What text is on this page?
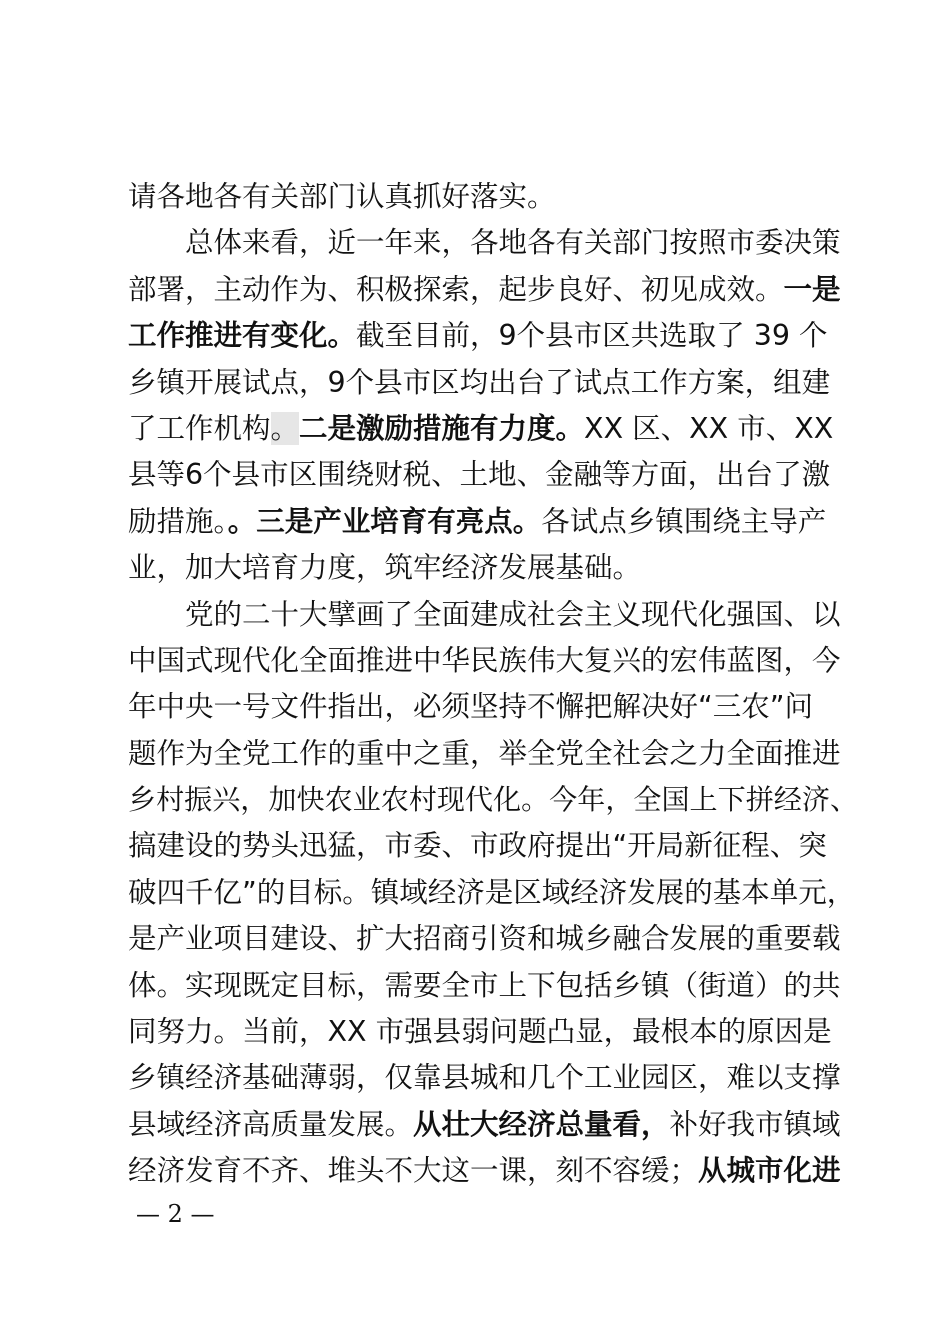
请各地各有关部门认真抓好落实。
总体来看，近一年来，各地各有关部门按照市委决策
部署，主动作为、积极探索，起步良好、初见成效。一是
工作推进有变化。截至目前，9个县市区共选取了 39 个
乡镇开展试点，9个县市区均出台了试点工作方案，组建
了工作机构。二是激励措施有力度。XX 区、XX 市、XX
县等6个县市区围绕财税、土地、金融等方面，出台了激
励措施。。三是产业培育有亮点。各试点乡镇围绕主导产
业，加大培育力度，筑牢经济发展基础。
党的二十大擘画了全面建成社会主义现代化强国、以
中国式现代化全面推进中华民族伟大复兴的宏伟蓝图，今
年中央一号文件指出，必须坚持不懈把解决好“三农”问
题作为全党工作的重中之重，举全党全社会之力全面推进
乡村振兴，加快农业农村现代化。今年，全国上下拼经济、
搞建设的势头迅猛，市委、市政府提出“开局新征程、突
破四千亿”的目标。镇域经济是区域经济发展的基本单元，
是产业项目建设、扩大招商引资和城乡融合发展的重要载
体。实现既定目标，需要全市上下包括乡镇（街道）的共
同努力。当前，XX 市强县弱问题凸显，最根本的原因是
乡镇经济基础薄弱，仅靠县城和几个工业园区，难以支撑
县域经济高质量发展。从壮大经济总量看，补好我市镇域
经济发育不齐、堆头不大这一课，刻不容缓；从城市化进
— 2 —
